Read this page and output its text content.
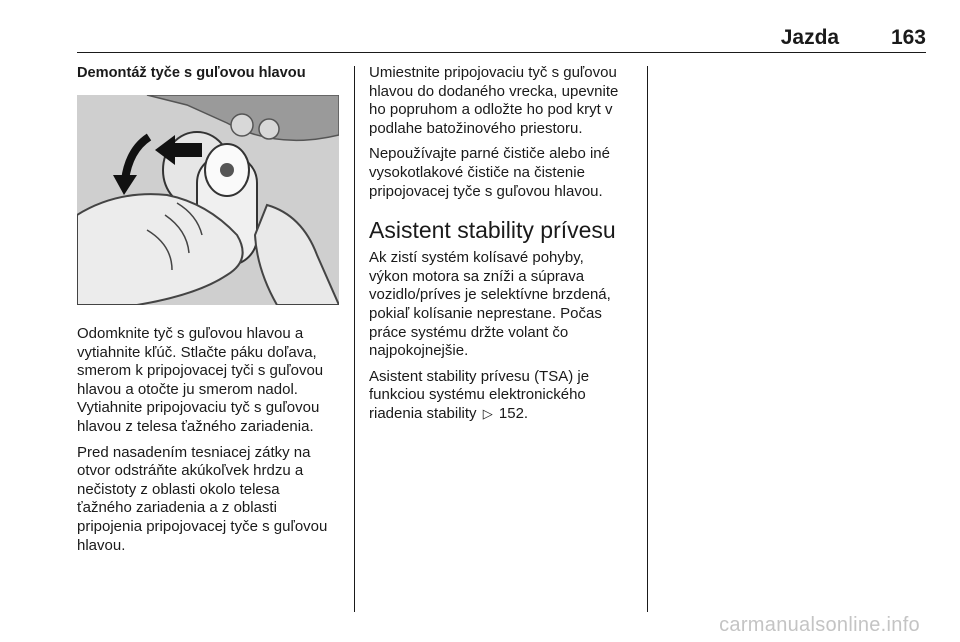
Jazda 163
Demontáž tyče s guľovou hlavou

Odomknite tyč s guľovou hlavou a
vytiahnite kľúč. Stlačte páku doľava,
smerom k pripojovacej tyči s guľovou
hlavou a otočte ju smerom nadol.
Vytiahnite pripojovaciu tyč s guľovou
hlavou z telesa ťažného zariadenia.

Pred nasadením tesniacej zátky na
otvor odstráňte akúkoľvek hrdzu a
nečistoty z oblasti okolo telesa
ťažného zariadenia a z oblasti
pripojenia pripojovacej tyče s guľovou
hlavou.

Umiestnite pripojovaciu tyč s guľovou
hlavou do dodaného vrecka, upevnite
ho popruhom a odložte ho pod kryt v
podlahe batožinového priestoru.

Nepoužívajte parné čističe alebo iné
vysokotlakové čističe na čistenie
pripojovacej tyče s guľovou hlavou.

Asistent stability prívesu

Ak zistí systém kolísavé pohyby,
výkon motora sa zníži a súprava
vozidlo/príves je selektívne brzdená,
pokiaľ kolísanie neprestane. Počas
práce systému držte volant čo
najpokojnejšie.

Asistent stability prívesu (TSA) je
funkciou systému elektronického
riadenia stability ▷ 152.

carmanualsonline.info
